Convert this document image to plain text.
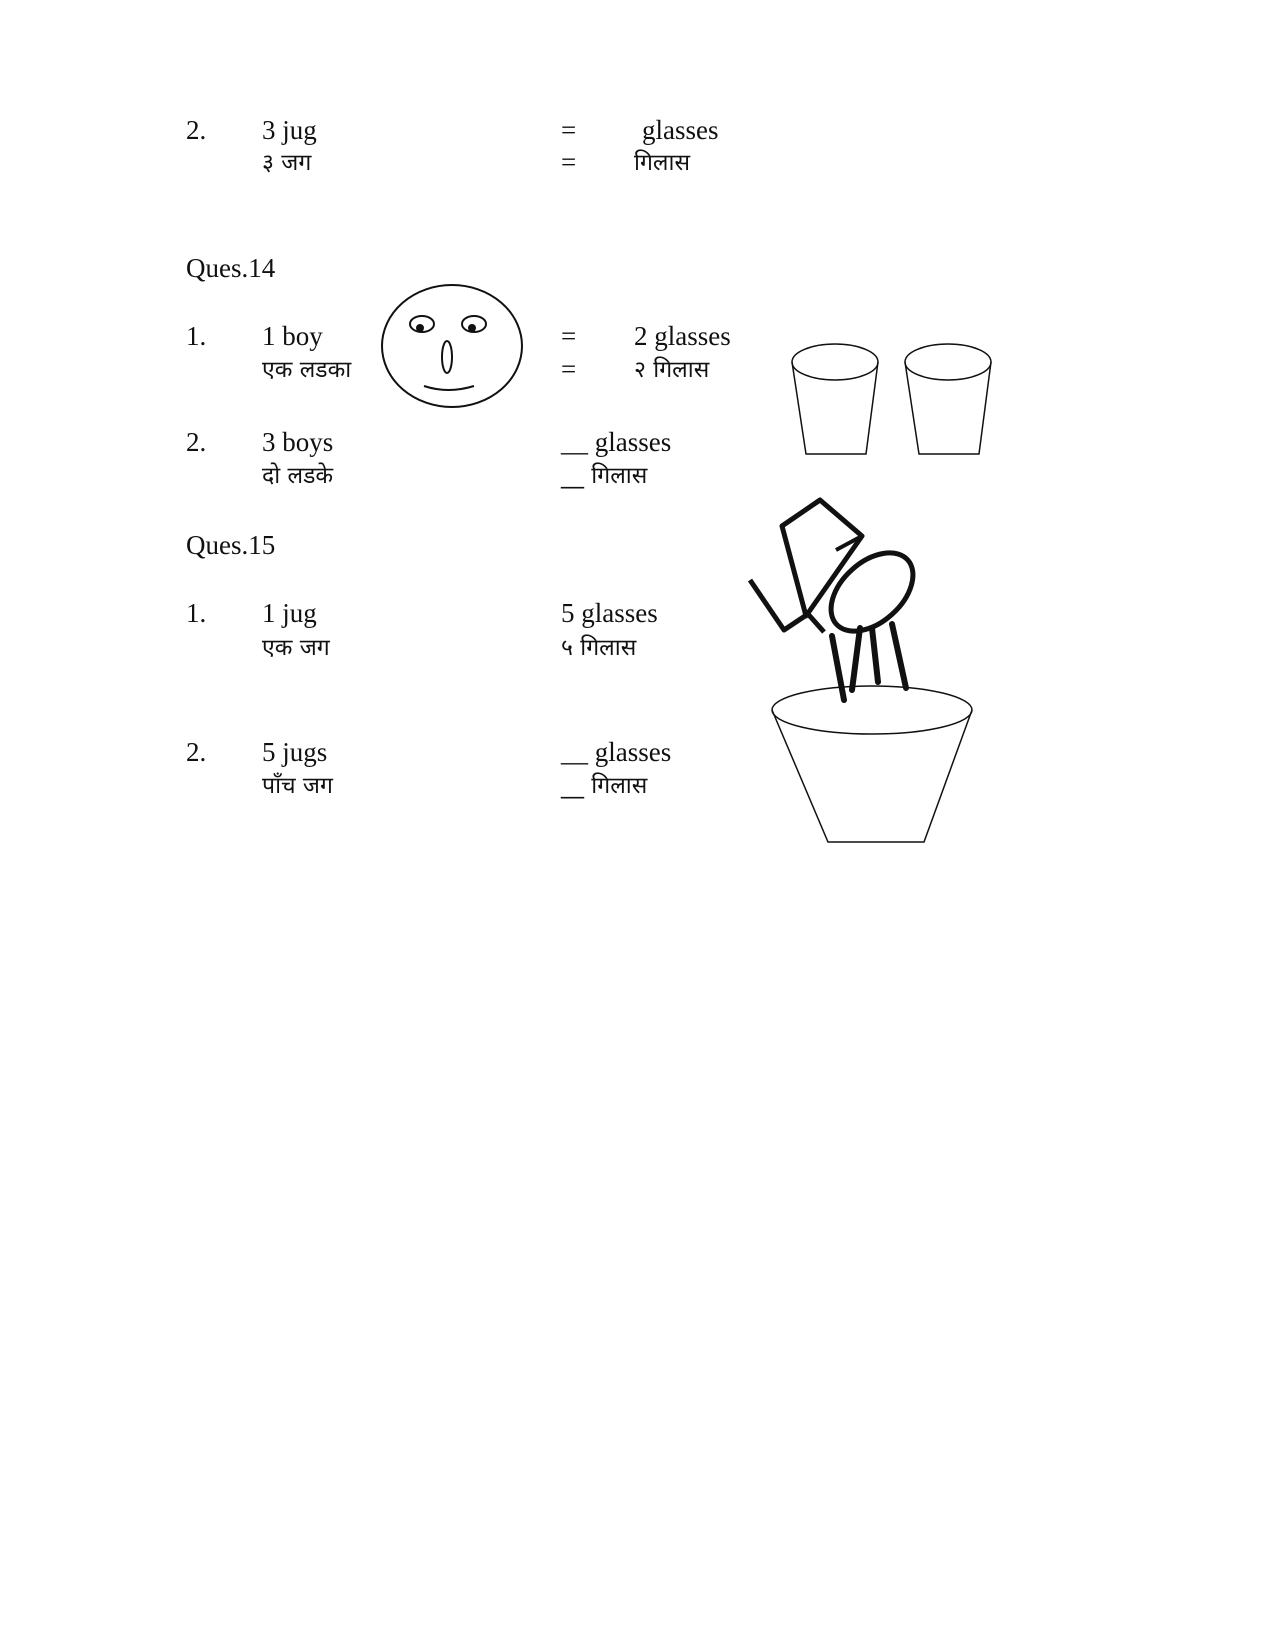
2. 3 jug
३ जग
=
=
glasses
गिलास
Ques.14
1. 1 boy
एक लडका
=
=
2 glasses
२ गिलास
2. 3 boys
दो लडके
__ glasses
__ गिलास
Ques.15
1. 1 jug
एक जग
5 glasses
५ गिलास
2. 5 jugs
पाँच जग
__ glasses
__ गिलास
